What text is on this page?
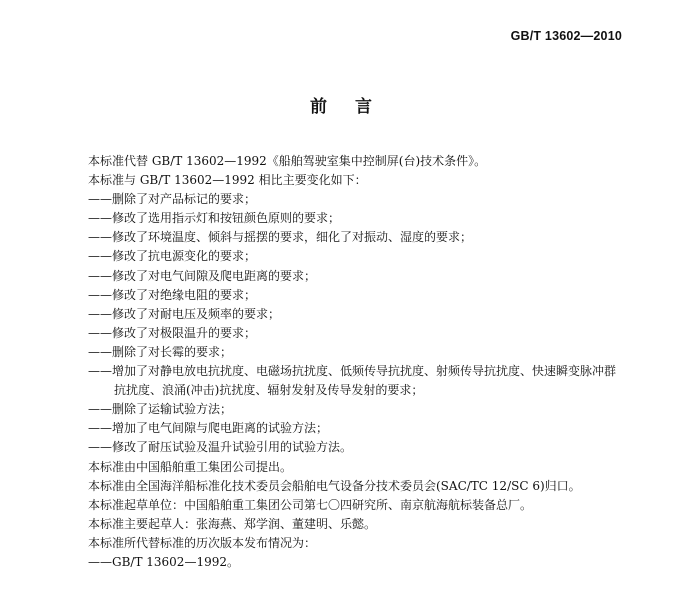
GB/T 13602—2010
前言
本标准代替 GB/T 13602—1992《船舶驾驶室集中控制屏(台)技术条件》。
本标准与 GB/T 13602—1992 相比主要变化如下：
——删除了对产品标记的要求；
——修改了选用指示灯和按钮颜色原则的要求；
——修改了环境温度、倾斜与摇摆的要求，细化了对振动、湿度的要求；
——修改了抗电源变化的要求；
——修改了对电气间隙及爬电距离的要求；
——修改了对绝缘电阻的要求；
——修改了对耐电压及频率的要求；
——修改了对极限温升的要求；
——删除了对长霉的要求；
——增加了对静电放电抗扰度、电磁场抗扰度、低频传导抗扰度、射频传导抗扰度、快速瞬变脉冲群
抗扰度、浪涌(冲击)抗扰度、辐射发射及传导发射的要求；
——删除了运输试验方法；
——增加了电气间隙与爬电距离的试验方法；
——修改了耐压试验及温升试验引用的试验方法。
本标准由中国船舶重工集团公司提出。
本标准由全国海洋船标准化技术委员会船舶电气设备分技术委员会(SAC/TC 12/SC 6)归口。
本标准起草单位：中国船舶重工集团公司第七〇四研究所、南京航海航标装备总厂。
本标准主要起草人：张海燕、郑学润、董建明、乐懿。
本标准所代替标准的历次版本发布情况为：
——GB/T 13602—1992。
